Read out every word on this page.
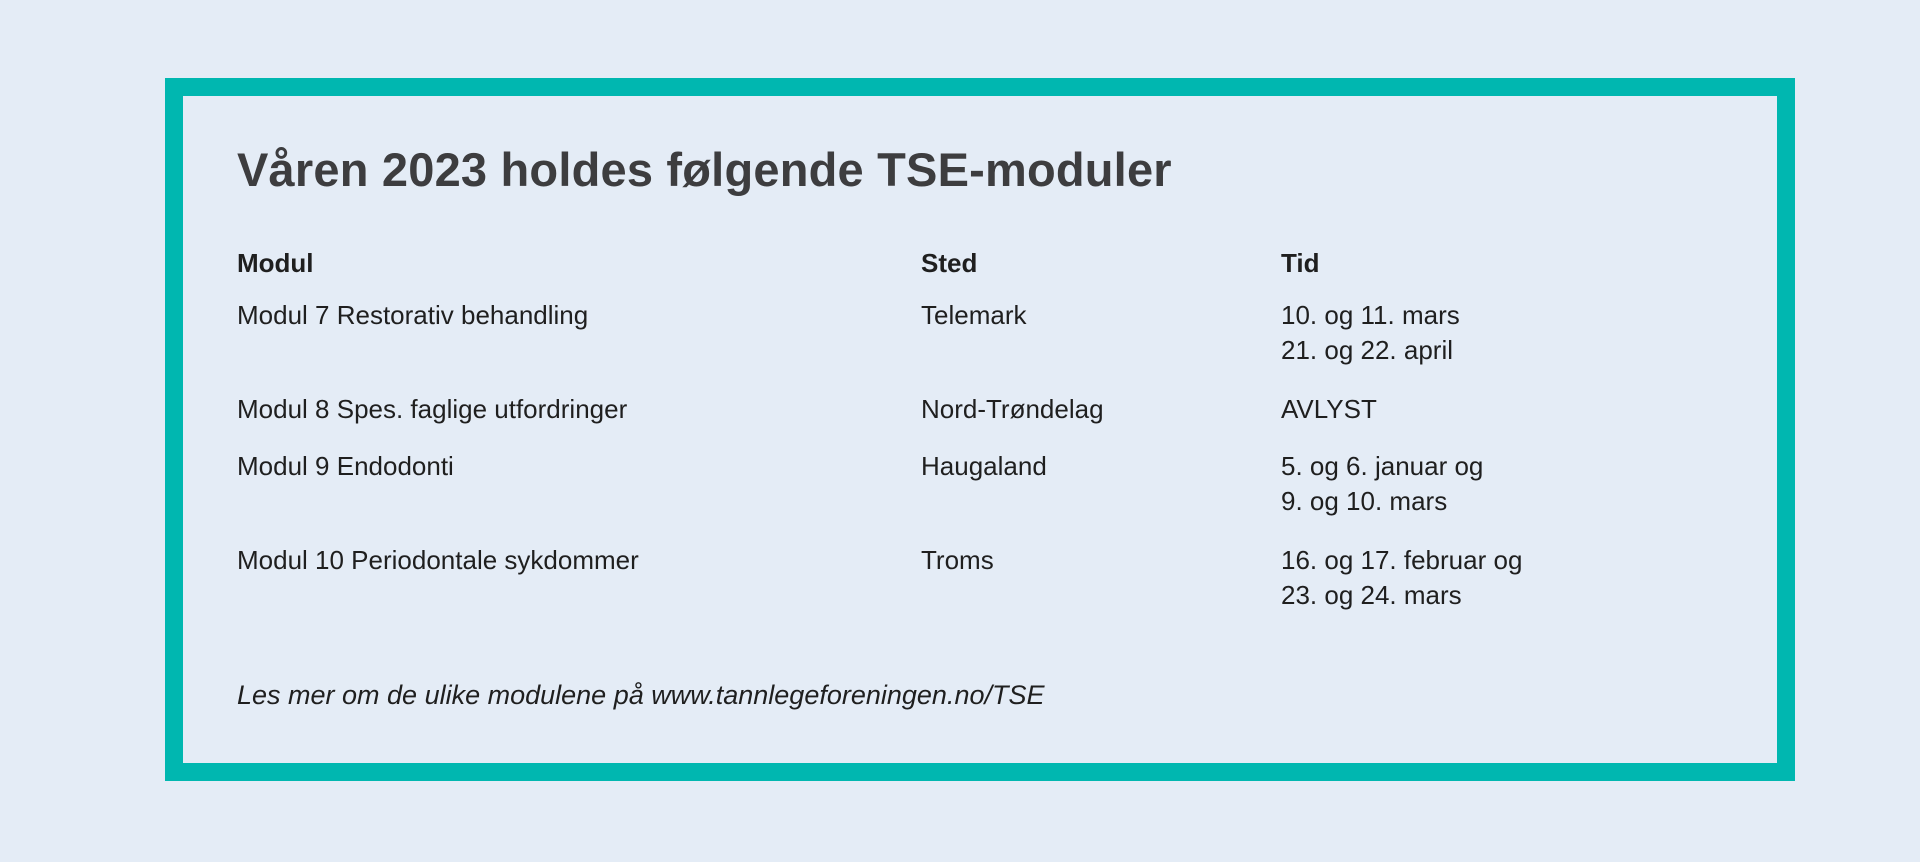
Våren 2023 holdes følgende TSE-moduler
Modul	Sted	Tid
Modul 7 Restorativ behandling	Telemark	10. og 11. mars
21. og 22. april
Modul 8 Spes. faglige utfordringer	Nord-Trøndelag	AVLYST
Modul 9 Endodonti	Haugaland	5. og 6. januar og
9. og 10. mars
Modul 10 Periodontale sykdommer	Troms	16. og 17. februar og
23. og 24. mars

Les mer om de ulike modulene på www.tannlegeforeningen.no/TSE
